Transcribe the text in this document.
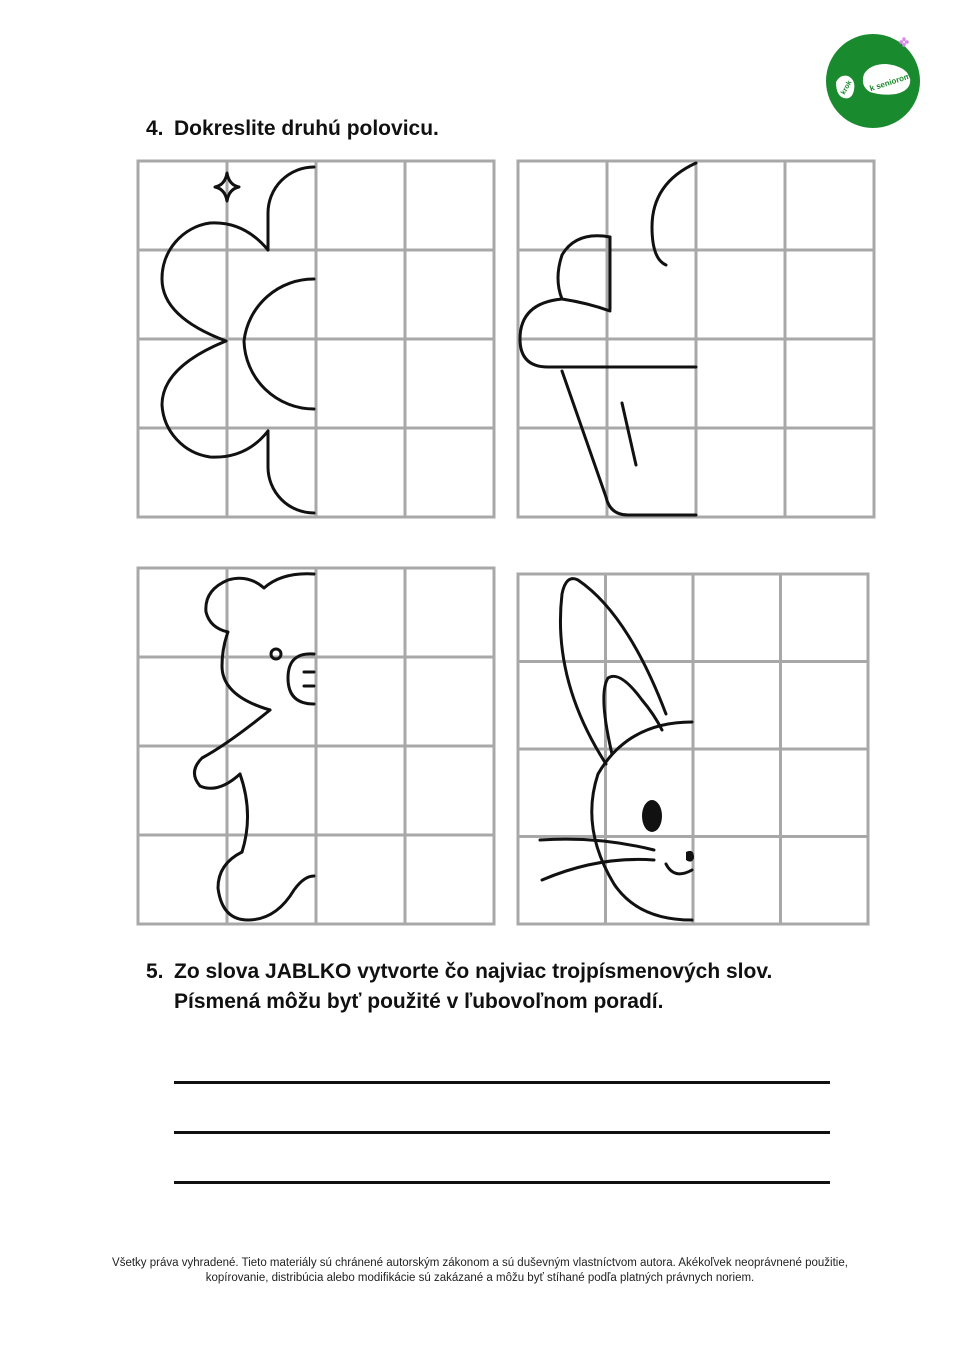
krok k seniorom
4. Dokreslite druhú polovicu.
5. Zo slova JABLKO vytvorte čo najviac trojpísmenových slov.
Písmená môžu byť použité v ľubovoľnom poradí.
Všetky práva vyhradené. Tieto materiály sú chránené autorským zákonom a sú duševným vlastníctvom autora. Akékoľvek neoprávnené použitie,
kopírovanie, distribúcia alebo modifikácie sú zakázané a môžu byť stíhané podľa platných právnych noriem.
